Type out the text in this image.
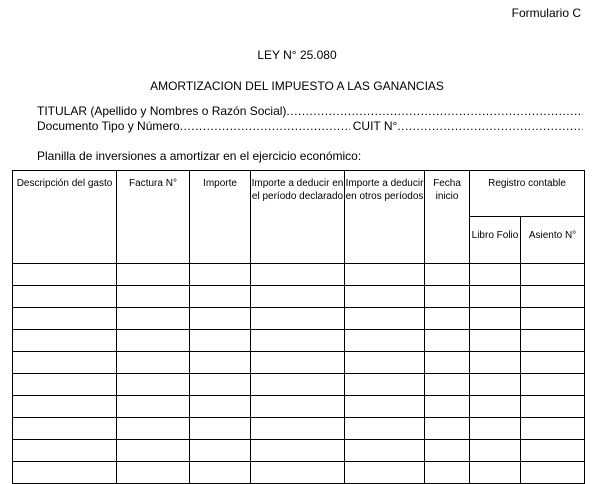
Formulario C
LEY N° 25.080
AMORTIZACION DEL IMPUESTO A LAS GANANCIAS
TITULAR (Apellido y Nombres o Razón Social)
.....
Documento Tipo y Número .....	CUIT N°
.....
Planilla de inversiones a amortizar en el ejercicio económico:
Descripción del gasto	Factura N°	Importe	Importe a deducir en el período declarado	Importe a deducir en otros períodos	Fecha inicio	Registro contable	
						Libro Folio	Asiento N°
